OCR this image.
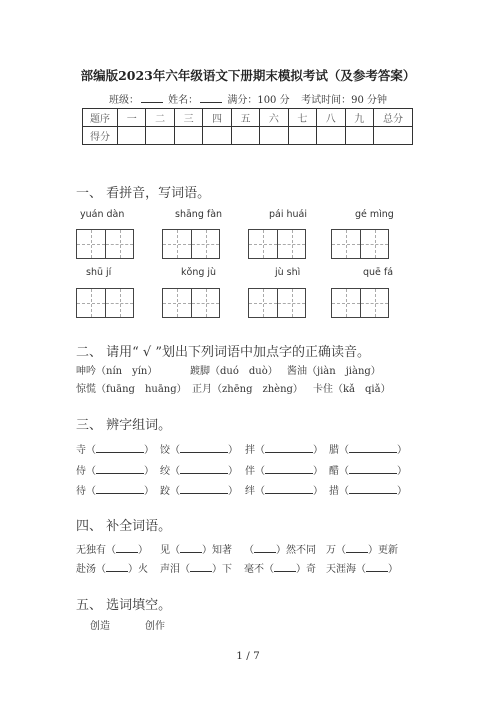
部编版2023年六年级语文下册期末模拟考试（及参考答案）
班级：	姓名：	满分：100 分 考试时间：90 分钟
题序	一	二	三	四	五	六	七	八	九	总分
得分										
一、 看拼音，写词语。
yuán dàn	shāng fàn	pái huái	gé mìng
shū jí	kǒng jù	jù shì	quē fá
二、 请用“ √ ”划出下列词语中加点字的正确读音。
呻吟（nín　yín）	踱脚（duó　duò） 酱油（jiàn　jiàng）
惊慌（fuāng　huāng） 正月（zhēng　zhèng） 卡住（kǎ　qiǎ）
三、 辨字组词。
寺（	） 饺（	） 拌（	） 腊（	）
侍（	） 绞（	） 伴（	） 醋（	）
待（	） 跤（	） 绊（	） 措（	）
四、 补全词语。
无独有（ ） 见（ ）知著 （ ）然不同 万（ ）更新
赴汤（ ）火 声泪（ ）下 毫不（ ）奇 天涯海（ ）
五、 选词填空。
创造	创作
1 / 7
